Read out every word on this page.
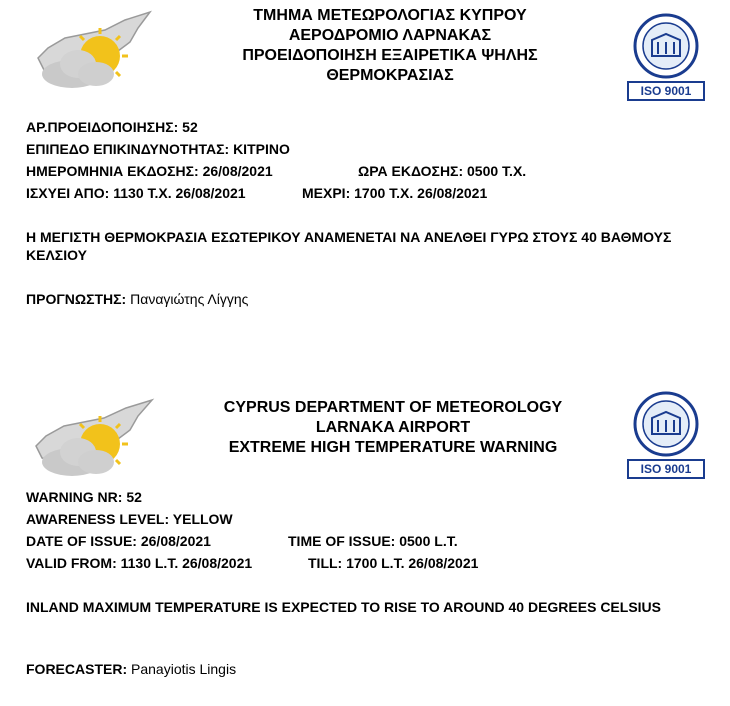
ΤΜΗΜΑ ΜΕΤΕΩΡΟΛΟΓΙΑΣ ΚΥΠΡΟΥ
ΑΕΡΟΔΡΟΜΙΟ ΛΑΡΝΑΚΑΣ
ΠΡΟΕΙΔΟΠΟΙΗΣΗ ΕΞΑΙΡΕΤΙΚΑ ΨΗΛΗΣ
ΘΕΡΜΟΚΡΑΣΙΑΣ
ISO 9001
ΑΡ.ΠΡΟΕΙΔΟΠΟΙΗΣΗΣ: 52
ΕΠΙΠΕΔΟ ΕΠΙΚΙΝΔΥΝΟΤΗΤΑΣ: ΚΙΤΡΙΝΟ
ΗΜΕΡΟΜΗΝΙΑ ΕΚΔΟΣΗΣ: 26/08/2021	ΩΡΑ ΕΚΔΟΣΗΣ: 0500 Τ.Χ.
ΙΣΧΥΕΙ ΑΠΟ: 1130 Τ.Χ. 26/08/2021	ΜΕΧΡΙ: 1700 Τ.Χ. 26/08/2021
Η ΜΕΓΙΣΤΗ ΘΕΡΜΟΚΡΑΣΙΑ ΕΣΩΤΕΡΙΚΟΥ ΑΝΑΜΕΝΕΤΑΙ ΝΑ ΑΝΕΛΘΕΙ ΓΥΡΩ ΣΤΟΥΣ 40 ΒΑΘΜΟΥΣ ΚΕΛΣΙΟΥ
ΠΡΟΓΝΩΣΤΗΣ: Παναγιώτης Λίγγης
CYPRUS DEPARTMENT OF METEOROLOGY
LARNAKA AIRPORT
EXTREME HIGH TEMPERATURE WARNING
ISO 9001
WARNING NR: 52
AWARENESS LEVEL: YELLOW
DATE OF ISSUE: 26/08/2021	TIME OF ISSUE: 0500 L.T.
VALID FROM: 1130 L.T. 26/08/2021	TILL: 1700 L.T. 26/08/2021
INLAND MAXIMUM TEMPERATURE IS EXPECTED TO RISE TO AROUND 40 DEGREES CELSIUS
FORECASTER: Panayiotis Lingis
